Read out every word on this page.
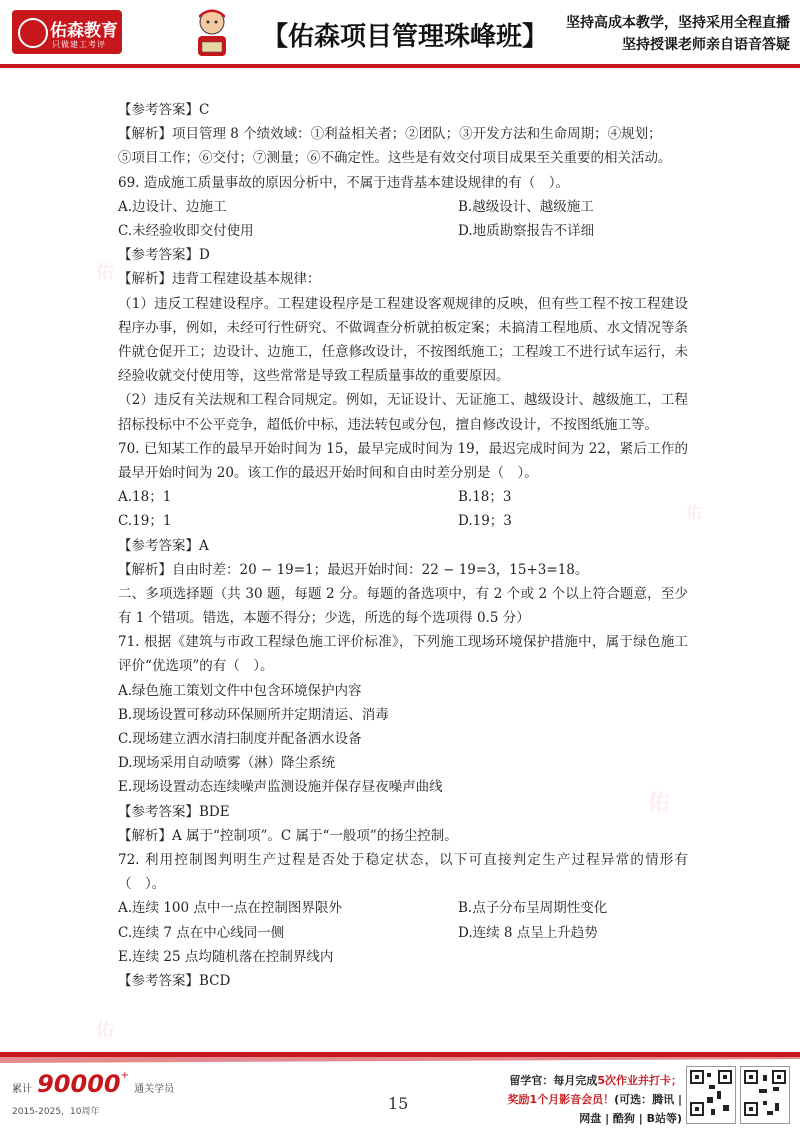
佑森教育
只做建工考评	【佑森项目管理珠峰班】 坚持高成本教学，坚持采用全程直播
坚持授课老师亲自语音答疑
佑
佑
佑
佑
【参考答案】C
【解析】项目管理 8 个绩效域：①利益相关者；②团队；③开发方法和生命周期；④规划；
⑤项目工作；⑥交付；⑦测量；⑥不确定性。这些是有效交付项目成果至关重要的相关活动。
69. 造成施工质量事故的原因分析中，不属于违背基本建设规律的有（　）。
A.边设计、边施工	B.越级设计、越级施工
C.未经验收即交付使用	D.地质勘察报告不详细
【参考答案】D
【解析】违背工程建设基本规律：
（1）违反工程建设程序。工程建设程序是工程建设客观规律的反映，但有些工程不按工程建设程序办事，例如，未经可行性研究、不做调查分析就拍板定案；未搞清工程地质、水文情况等条件就仓促开工；边设计、边施工，任意修改设计，不按图纸施工；工程竣工不进行试车运行，未经验收就交付使用等，这些常常是导致工程质量事故的重要原因。
（2）违反有关法规和工程合同规定。例如，无证设计、无证施工、越级设计、越级施工，工程招标投标中不公平竞争，超低价中标，违法转包或分包，擅自修改设计，不按图纸施工等。
70. 已知某工作的最早开始时间为 15，最早完成时间为 19，最迟完成时间为 22，紧后工作的最早开始时间为 20。该工作的最迟开始时间和自由时差分别是（　）。
A.18；1	B.18；3
C.19；1	D.19；3
【参考答案】A
【解析】自由时差：20 − 19=1；最迟开始时间：22 − 19=3，15+3=18。
二、多项选择题（共 30 题，每题 2 分。每题的备选项中，有 2 个或 2 个以上符合题意，至少有 1 个错项。错选，本题不得分；少选，所选的每个选项得 0.5 分）
71. 根据《建筑与市政工程绿色施工评价标准》，下列施工现场环境保护措施中，属于绿色施工评价“优选项”的有（　）。
A.绿色施工策划文件中包含环境保护内容
B.现场设置可移动环保厕所并定期清运、消毒
C.现场建立洒水清扫制度并配备洒水设备
D.现场采用自动喷雾（淋）降尘系统
E.现场设置动态连续噪声监测设施并保存昼夜噪声曲线
【参考答案】BDE
【解析】A 属于“控制项”。C 属于“一般项”的扬尘控制。
72. 利用控制图判明生产过程是否处于稳定状态，以下可直接判定生产过程异常的情形有（　）。
A.连续 100 点中一点在控制图界限外	B.点子分布呈周期性变化
C.连续 7 点在中心线同一侧	D.连续 8 点呈上升趋势
E.连续 25 点均随机落在控制界线内
【参考答案】BCD
累计 90000+ 通关学员
2015-2025，10周年	15
留学官：每月完成5次作业并打卡；
奖励1个月影音会员！(可选：腾讯 |
网盘 | 酷狗 | B站等)
